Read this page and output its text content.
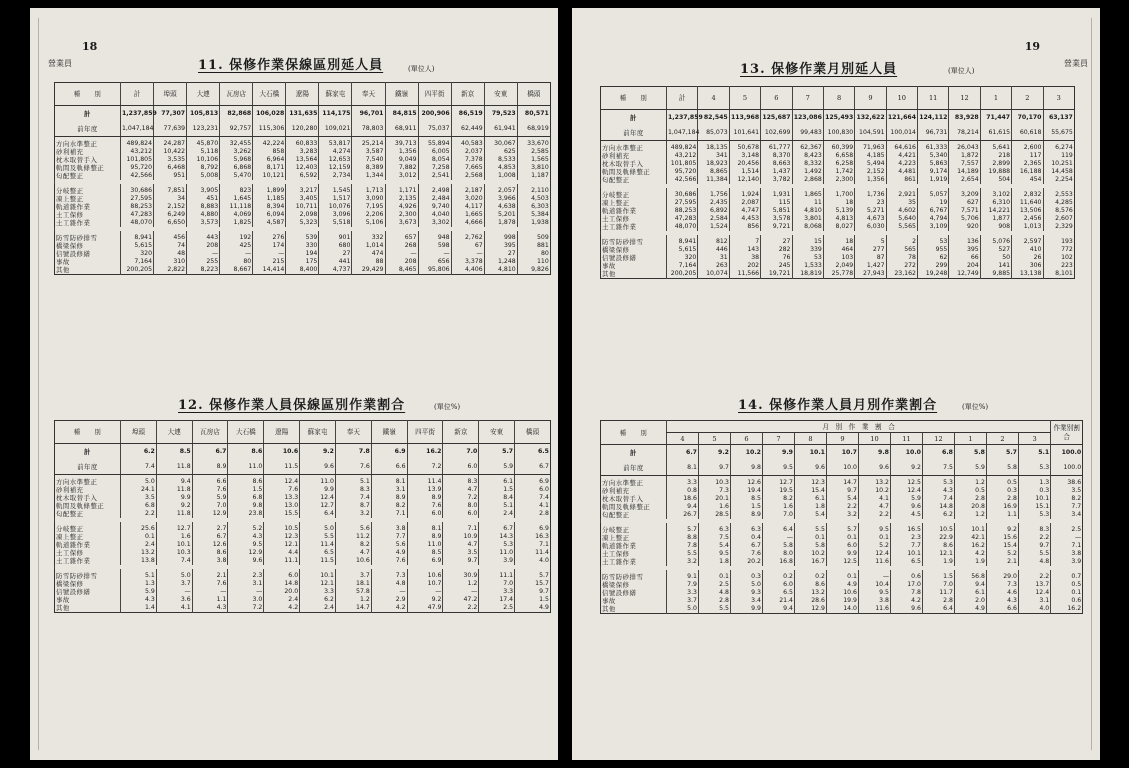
18
營業員	11. 保修作業保線區別延人員	(單位人)
種　　別	計	埠頭	大連	瓦房店	大石橋	遼陽	蘇家屯	奉天	鐵嶺	四平街	新京	安東	橋頭
計	1,237,859	77,307	105,813	82,868	106,028	131,635	114,175	96,701	84,815	200,906	86,519	79,523	80,571
前年度	1,047,184	77,639	123,231	92,757	115,306	120,280	109,021	78,803	68,911	75,037	62,449	61,941	68,919
方向水準整正	489,824	24,287	45,870	32,455	42,224	60,833	53,817	25,214	39,713	55,894	40,583	30,067	33,670
砂利補充	43,212	10,422	5,118	3,262	858	3,283	4,274	3,587	1,356	6,005	2,037	625	2,585
枕木取替手入	101,805	3,535	10,106	5,968	6,964	13,564	12,653	7,540	9,049	8,054	7,378	8,533	1,565
軌間及軌條整正	95,720	6,468	8,792	6,868	8,171	12,403	12,159	8,389	7,882	7,258	7,665	4,853	3,810
匂配整正	42,566	951	5,008	5,470	10,121	6,592	2,734	1,344	3,012	2,541	2,568	1,008	1,187

分岐整正	30,686	7,851	3,905	823	1,899	3,217	1,545	1,713	1,171	2,498	2,187	2,057	2,110
凍上整正	27,595	34	451	1,645	1,185	3,405	1,517	3,090	2,135	2,484	3,020	3,966	4,503
軌道雜作業	88,253	2,152	8,883	11,118	8,394	10,711	10,076	7,195	4,926	9,740	4,117	4,638	6,303
土工保修	47,283	6,249	4,880	4,069	6,094	2,098	3,096	2,206	2,300	4,040	1,665	5,201	5,384
土工雜作業	48,070	6,650	3,573	1,825	4,587	5,323	5,518	5,106	3,673	3,302	4,666	1,878	1,938

防雪防砂排雪	8,941	456	443	192	276	539	901	332	657	948	2,762	998	509
橋梁保修	5,615	74	208	425	174	330	680	1,014	268	598	67	395	881
信號設修繕	320	48	—	—	—	194	27	474	—	—	—	27	80
事故	7,164	310	255	80	215	175	441	88	208	656	3,378	1,248	110
其他	200,205	2,822	8,223	8,667	14,414	8,400	4,737	29,429	8,465	95,806	4,406	4,810	9,826
12. 保修作業人員保線區別作業割合	(單位%)
種　　別	埠頭	大連	瓦房店	大石橋	遼陽	蘇家屯	奉天	鐵嶺	四平街	新京	安東	橋頭
計	6.2	8.5	6.7	8.6	10.6	9.2	7.8	6.9	16.2	7.0	5.7	6.5
前年度	7.4	11.8	8.9	11.0	11.5	9.6	7.6	6.6	7.2	6.0	5.9	6.7
方向水準整正	5.0	9.4	6.6	8.6	12.4	11.0	5.1	8.1	11.4	8.3	6.1	6.9
砂利補充	24.1	11.8	7.6	1.5	7.6	9.9	8.3	3.1	13.9	4.7	1.5	6.0
枕木取替手入	3.5	9.9	5.9	6.8	13.3	12.4	7.4	8.9	8.9	7.2	8.4	7.4
軌間及軌條整正	6.8	9.2	7.0	9.8	13.0	12.7	8.7	8.2	7.6	8.0	5.1	4.1
匂配整正	2.2	11.8	12.9	23.8	15.5	6.4	3.2	7.1	6.0	6.0	2.4	2.8

分岐整正	25.6	12.7	2.7	5.2	10.5	5.0	5.6	3.8	8.1	7.1	6.7	6.9
凍上整正	0.1	1.6	6.7	4.3	12.3	5.5	11.2	7.7	8.9	10.9	14.3	16.3
軌道雜作業	2.4	10.1	12.6	9.5	12.1	11.4	8.2	5.6	11.0	4.7	5.3	7.1
土工保修	13.2	10.3	8.6	12.9	4.4	6.5	4.7	4.9	8.5	3.5	11.0	11.4
土工雜作業	13.8	7.4	3.8	9.6	11.1	11.5	10.6	7.6	6.9	9.7	3.9	4.0

防雪防砂排雪	5.1	5.0	2.1	2.3	6.0	10.1	3.7	7.3	10.6	30.9	11.1	5.7
橋梁保修	1.3	3.7	7.6	3.1	14.8	12.1	18.1	4.8	10.7	1.2	7.0	15.7
信號設修繕	5.9	—	—	—	20.0	3.3	57.8	—	—	—	3.3	9.7
事故	4.3	3.6	1.1	3.0	2.4	6.2	1.2	2.9	9.2	47.2	17.4	1.5
其他	1.4	4.1	4.3	7.2	4.2	2.4	14.7	4.2	47.9	2.2	2.5	4.9
19
營業員
13. 保修作業月別延人員	(單位人)
種　　別	計	4	5	6	7	8	9	10	11	12	1	2	3
計	1,237,859	82,545	113,968	125,687	123,086	125,493	132,622	121,664	124,112	83,928	71,447	70,170	63,137
前年度	1,047,184	85,073	101,641	102,699	99,483	100,830	104,591	100,014	96,731	78,214	61,615	60,618	55,675
方向水準整正	489,824	18,135	50,678	61,777	62,367	60,399	71,963	64,616	61,333	26,043	5,641	2,600	6,274
砂利補充	43,212	341	3,148	8,370	8,423	6,658	4,185	4,421	5,340	1,872	218	117	119
枕木取替手入	101,805	18,923	20,456	8,663	8,332	6,258	5,494	4,223	5,863	7,557	2,899	2,365	10,251
軌間及軌條整正	95,720	8,865	1,514	1,437	1,492	1,742	2,152	4,481	9,174	14,189	19,888	16,188	14,458
匂配整正	42,566	11,384	12,140	3,782	2,868	2,300	1,356	861	1,919	2,654	504	454	2,254

分岐整正	30,686	1,756	1,924	1,931	1,865	1,700	1,736	2,921	5,057	3,209	3,102	2,832	2,553
凍上整正	27,595	2,435	2,087	115	11	18	23	35	19	627	6,310	11,640	4,285
軌道雜作業	88,253	6,892	4,747	5,851	4,810	5,139	5,271	4,602	6,767	7,571	14,221	13,506	8,576
土工保修	47,283	2,584	4,453	3,578	3,801	4,813	4,673	5,640	4,794	5,706	1,877	2,456	2,607
土工雜作業	48,070	1,524	856	9,721	8,068	8,027	6,030	5,565	3,109	920	908	1,013	2,329

防雪防砂排雪	8,941	812	7	27	15	18	5	2	53	136	5,076	2,597	193
橋梁保修	5,615	446	143	282	339	464	277	565	955	395	527	410	772
信號設修繕	320	31	38	76	53	103	87	78	62	66	50	26	102
事故	7,164	263	202	245	1,533	2,049	1,427	272	299	204	141	306	223
其他	200,205	10,074	11,566	19,721	18,819	25,778	27,943	23,162	19,248	12,749	9,885	13,138	8,101
14. 保修作業人員月別作業割合	(單位%)
種　　別	月　別　作　業　割　合												作業別割合
	4	5	6	7	8	9	10	11	12	1	2	3	
計	6.7	9.2	10.2	9.9	10.1	10.7	9.8	10.0	6.8	5.8	5.7	5.1	100.0
前年度	8.1	9.7	9.8	9.5	9.6	10.0	9.6	9.2	7.5	5.9	5.8	5.3	100.0
方向水準整正	3.3	10.3	12.6	12.7	12.3	14.7	13.2	12.5	5.3	1.2	0.5	1.3	38.6
砂利補充	0.8	7.3	19.4	19.5	15.4	9.7	10.2	12.4	4.3	0.5	0.3	0.3	3.5
枕木取替手入	18.6	20.1	8.5	8.2	6.1	5.4	4.1	5.9	7.4	2.8	2.8	10.1	8.2
軌間及軌條整正	9.4	1.6	1.5	1.6	1.8	2.2	4.7	9.6	14.8	20.8	16.9	15.1	7.7
匂配整正	26.7	28.5	8.9	7.0	5.4	3.2	2.2	4.5	6.2	1.2	1.1	5.3	3.4

分岐整正	5.7	6.3	6.3	6.4	5.5	5.7	9.5	16.5	10.5	10.1	9.2	8.3	2.5
凍上整正	8.8	7.5	0.4	—	0.1	0.1	0.1	2.3	22.9	42.1	15.6	2.2	—
軌道雜作業	7.8	5.4	6.7	5.8	5.8	6.0	5.2	7.7	8.6	16.2	15.4	9.7	7.1
土工保修	5.5	9.5	7.6	8.0	10.2	9.9	12.4	10.1	12.1	4.2	5.2	5.5	3.8
土工雜作業	3.2	1.8	20.2	16.8	16.7	12.5	11.6	6.5	1.9	1.9	2.1	4.8	3.9

防雪防砂排雪	9.1	0.1	0.3	0.2	0.2	0.1	—	0.6	1.5	56.8	29.0	2.2	0.7
橋梁保修	7.9	2.5	5.0	6.0	8.6	4.9	10.4	17.0	7.0	9.4	7.3	13.7	0.5
信號設修繕	3.3	4.8	9.3	6.5	13.2	10.6	9.5	7.8	11.7	6.1	4.6	12.4	0.1
事故	3.7	2.8	3.4	21.4	28.6	19.9	3.8	4.2	2.8	2.0	4.3	3.1	0.6
其他	5.0	5.5	9.9	9.4	12.9	14.0	11.6	9.6	6.4	4.9	6.6	4.0	16.2
